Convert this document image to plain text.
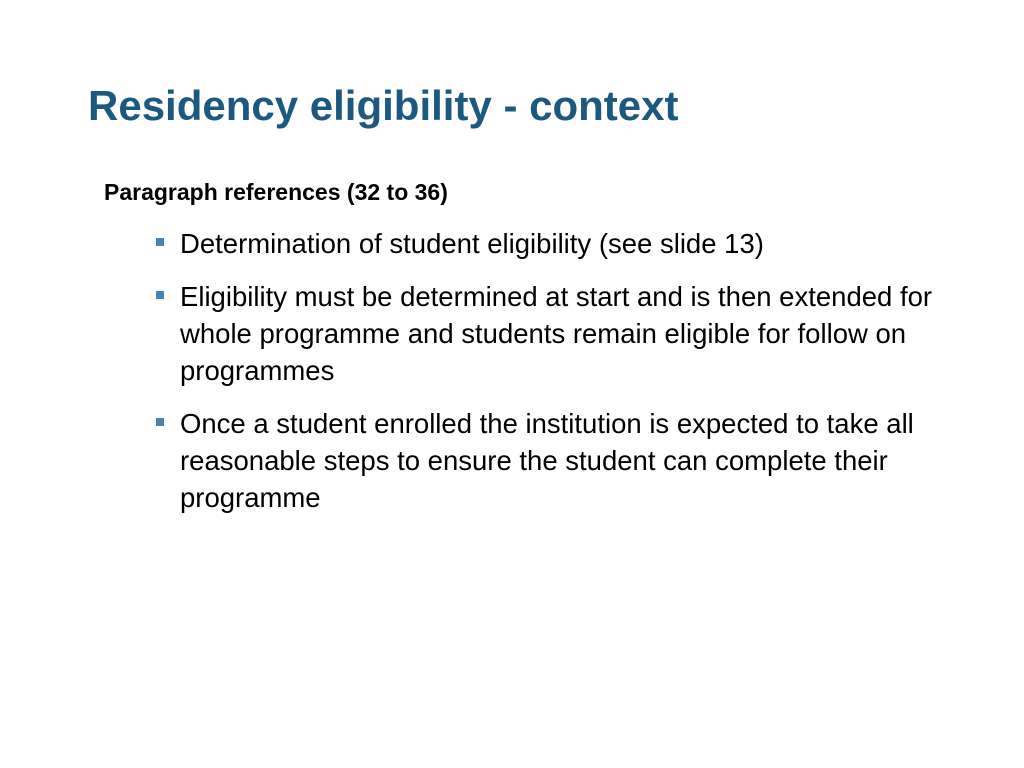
Residency eligibility - context

Paragraph references (32 to 36)

Determination of student eligibility (see slide 13)
Eligibility must be determined at start and is then extended for whole programme and students remain eligible for follow on programmes
Once a student enrolled the institution is expected to take all reasonable steps to ensure the student can complete their programme
